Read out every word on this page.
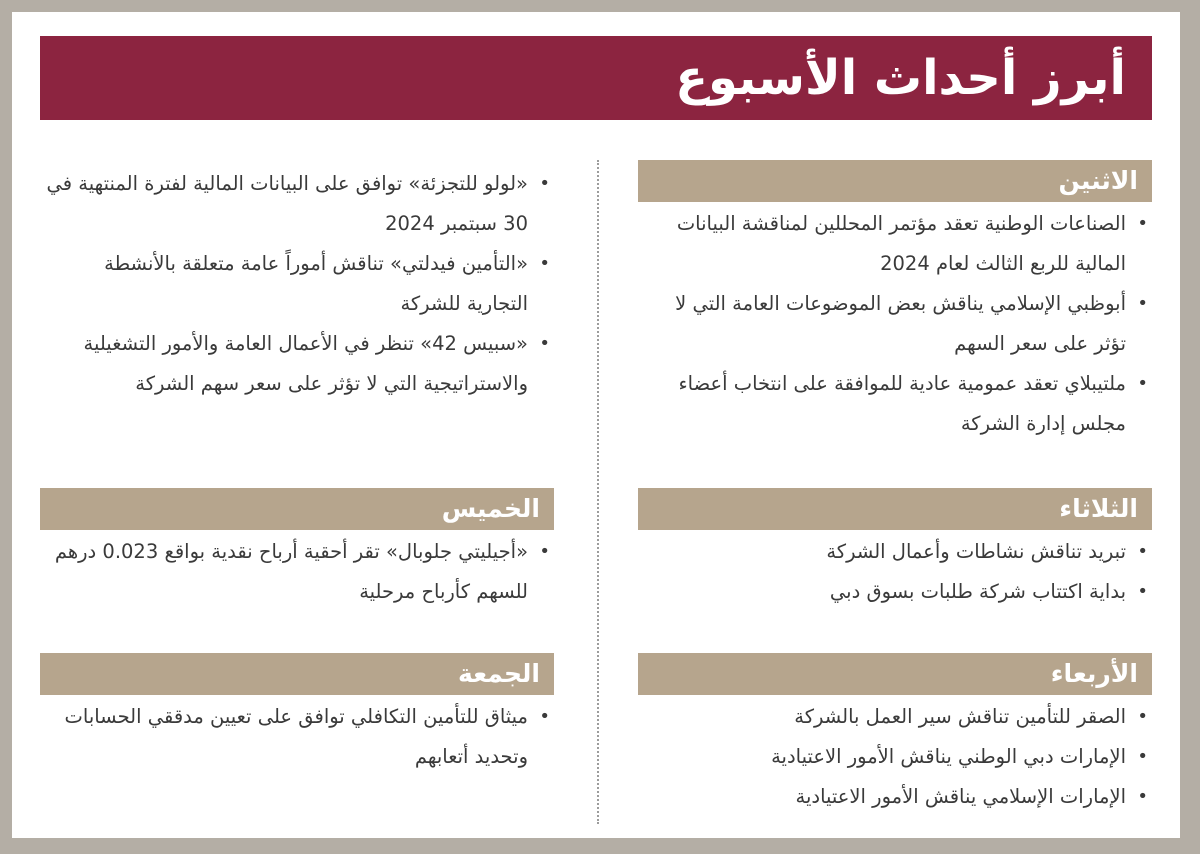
أبرز أحداث الأسبوع
الاثنين
• الصناعات الوطنية تعقد مؤتمر المحللين لمناقشة البيانات المالية للربع الثالث لعام 2024
• أبوظبي الإسلامي يناقش بعض الموضوعات العامة التي لا تؤثر على سعر السهم
• ملتيبلاي تعقد عمومية عادية للموافقة على انتخاب أعضاء مجلس إدارة الشركة
الثلاثاء
• تبريد تناقش نشاطات وأعمال الشركة
• بداية اكتتاب شركة طلبات بسوق دبي
الأربعاء
• الصقر للتأمين تناقش سير العمل بالشركة
• الإمارات دبي الوطني يناقش الأمور الاعتيادية
• الإمارات الإسلامي يناقش الأمور الاعتيادية
• «لولو للتجزئة» توافق على البيانات المالية لفترة المنتهية في 30 سبتمبر 2024
• «التأمين فيدلتي» تناقش أموراً عامة متعلقة بالأنشطة التجارية للشركة
• «سبيس 42» تنظر في الأعمال العامة والأمور التشغيلية والاستراتيجية التي لا تؤثر على سعر سهم الشركة
الخميس
• «أجيليتي جلوبال» تقر أحقية أرباح نقدية بواقع 0.023 درهم للسهم كأرباح مرحلية
الجمعة
• ميثاق للتأمين التكافلي توافق على تعيين مدققي الحسابات وتحديد أتعابهم
